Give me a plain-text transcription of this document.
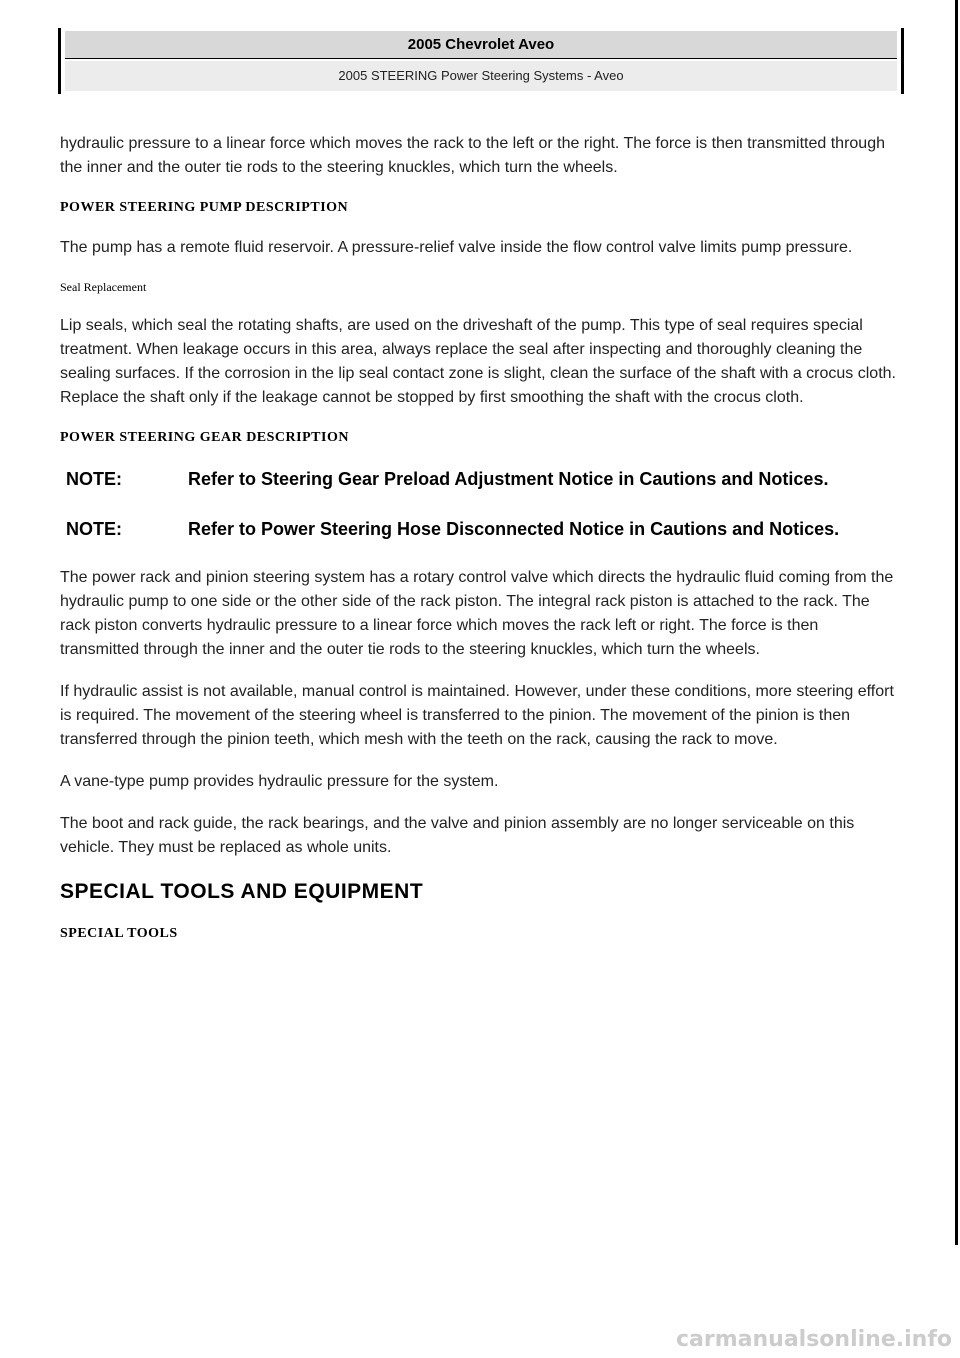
2005 Chevrolet Aveo
2005 STEERING Power Steering Systems - Aveo

hydraulic pressure to a linear force which moves the rack to the left or the right. The force is then transmitted through the inner and the outer tie rods to the steering knuckles, which turn the wheels.

POWER STEERING PUMP DESCRIPTION

The pump has a remote fluid reservoir. A pressure-relief valve inside the flow control valve limits pump pressure.

Seal Replacement

Lip seals, which seal the rotating shafts, are used on the driveshaft of the pump. This type of seal requires special treatment. When leakage occurs in this area, always replace the seal after inspecting and thoroughly cleaning the sealing surfaces. If the corrosion in the lip seal contact zone is slight, clean the surface of the shaft with a crocus cloth. Replace the shaft only if the leakage cannot be stopped by first smoothing the shaft with the crocus cloth.

POWER STEERING GEAR DESCRIPTION
NOTE:	Refer to Steering Gear Preload Adjustment Notice in Cautions and Notices.
NOTE:	Refer to Power Steering Hose Disconnected Notice in Cautions and Notices.

The power rack and pinion steering system has a rotary control valve which directs the hydraulic fluid coming from the hydraulic pump to one side or the other side of the rack piston. The integral rack piston is attached to the rack. The rack piston converts hydraulic pressure to a linear force which moves the rack left or right. The force is then transmitted through the inner and the outer tie rods to the steering knuckles, which turn the wheels.

If hydraulic assist is not available, manual control is maintained. However, under these conditions, more steering effort is required. The movement of the steering wheel is transferred to the pinion. The movement of the pinion is then transferred through the pinion teeth, which mesh with the teeth on the rack, causing the rack to move.

A vane-type pump provides hydraulic pressure for the system.

The boot and rack guide, the rack bearings, and the valve and pinion assembly are no longer serviceable on this vehicle. They must be replaced as whole units.

SPECIAL TOOLS AND EQUIPMENT
SPECIAL TOOLS
carmanualsonline.info
